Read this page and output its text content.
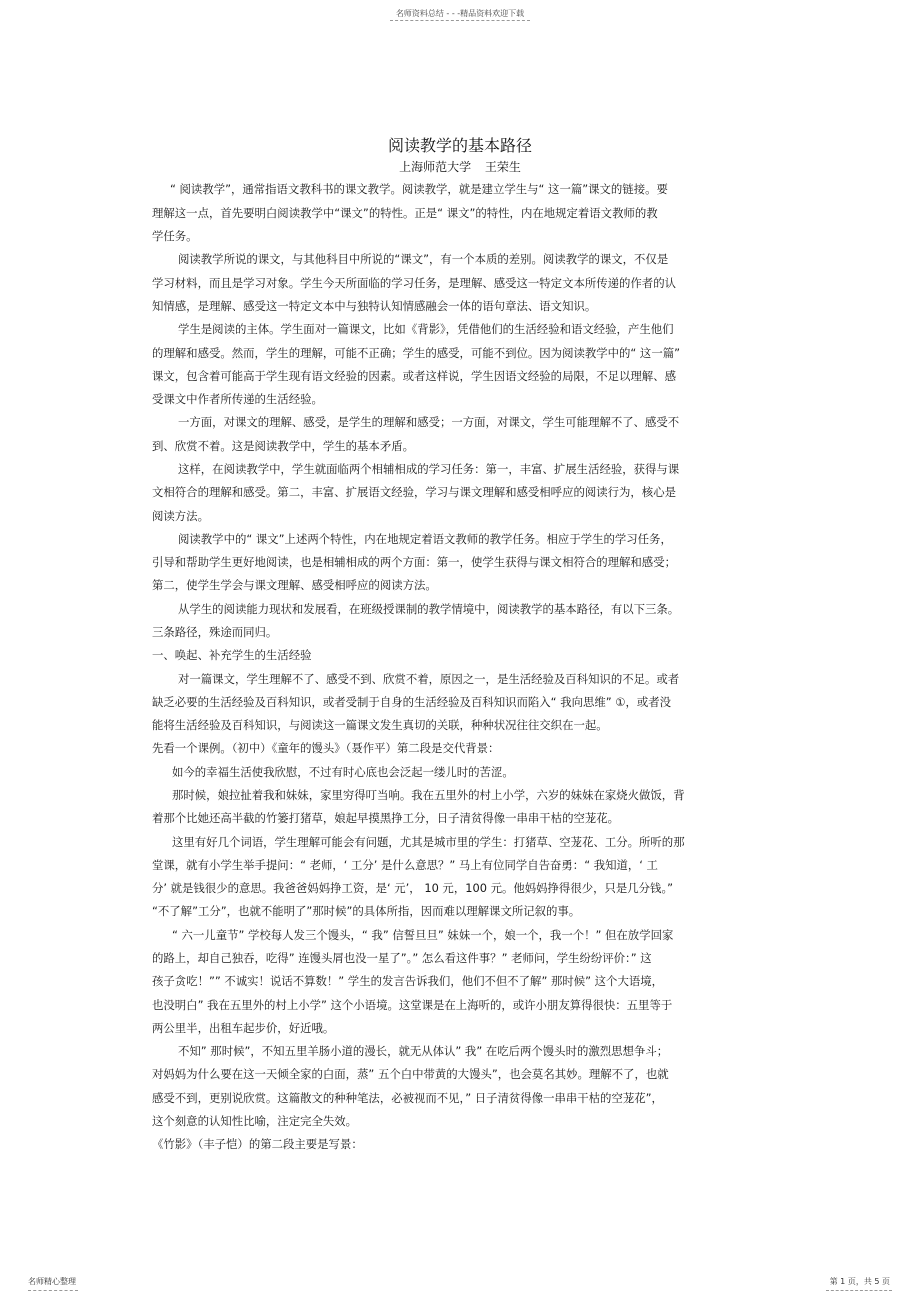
名师资料总结 - - -精品资料欢迎下载
阅读教学的基本路径
上海师范大学 王荣生
“ 阅读教学”，通常指语文教科书的课文教学。阅读教学，就是建立学生与“ 这一篇”课文的链接。要
理解这一点，首先要明白阅读教学中“课文”的特性。正是“ 课文”的特性，内在地规定着语文教师的教
学任务。
阅读教学所说的课文，与其他科目中所说的“课文”，有一个本质的差别。阅读教学的课文，不仅是
学习材料，而且是学习对象。学生今天所面临的学习任务，是理解、感受这一特定文本所传递的作者的认
知情感，是理解、感受这一特定文本中与独特认知情感融会一体的语句章法、语文知识。
学生是阅读的主体。学生面对一篇课文，比如《背影》，凭借他们的生活经验和语文经验，产生他们
的理解和感受。然而，学生的理解，可能不正确；学生的感受，可能不到位。因为阅读教学中的“ 这一篇”
课文，包含着可能高于学生现有语文经验的因素。或者这样说，学生因语文经验的局限，不足以理解、感
受课文中作者所传递的生活经验。
一方面，对课文的理解、感受，是学生的理解和感受；一方面，对课文，学生可能理解不了、感受不
到、欣赏不着。这是阅读教学中，学生的基本矛盾。
这样，在阅读教学中，学生就面临两个相辅相成的学习任务：第一，丰富、扩展生活经验，获得与课
文相符合的理解和感受。第二，丰富、扩展语文经验，学习与课文理解和感受相呼应的阅读行为，核心是
阅读方法。
阅读教学中的“ 课文”上述两个特性，内在地规定着语文教师的教学任务。相应于学生的学习任务，
引导和帮助学生更好地阅读，也是相辅相成的两个方面：第一，使学生获得与课文相符合的理解和感受；
第二，使学生学会与课文理解、感受相呼应的阅读方法。
从学生的阅读能力现状和发展看，在班级授课制的教学情境中，阅读教学的基本路径，有以下三条。
三条路径，殊途而同归。
一、唤起、补充学生的生活经验
对一篇课文，学生理解不了、感受不到、欣赏不着，原因之一，是生活经验及百科知识的不足。或者
缺乏必要的生活经验及百科知识，或者受制于自身的生活经验及百科知识而陷入“ 我向思维” ①，或者没
能将生活经验及百科知识，与阅读这一篇课文发生真切的关联，种种状况往往交织在一起。
先看一个课例。（初中）《童年的馒头》（聂作平）第二段是交代背景：
如今的幸福生活使我欣慰，不过有时心底也会泛起一缕儿时的苦涩。
那时候，娘拉扯着我和妹妹，家里穷得叮当响。我在五里外的村上小学，六岁的妹妹在家烧火做饭，背
着那个比她还高半截的竹篓打猪草，娘起早摸黑挣工分，日子清贫得像一串串干枯的空茏花。
这里有好几个词语，学生理解可能会有问题，尤其是城市里的学生：打猪草、空茏花、工分。所听的那
堂课，就有小学生举手提问：“ 老师，‘ 工分’ 是什么意思？” 马上有位同学自告奋勇：“ 我知道，‘ 工
分’ 就是钱很少的意思。我爸爸妈妈挣工资，是‘ 元’， 10 元，100 元。他妈妈挣得很少，只是几分钱。”
“不了解”工分”，也就不能明了”那时候”的具体所指，因而难以理解课文所记叙的事。
“ 六一儿童节” 学校每人发三个馒头，“ 我” 信誓旦旦” 妹妹一个，娘一个，我一个！” 但在放学回家
的路上，却自己独吞，吃得” 连馒头屑也没一星了”。” 怎么看这件事？” 老师问，学生纷纷评价：” 这
孩子贪吃！”” 不诚实！说话不算数！” 学生的发言告诉我们，他们不但不了解” 那时候” 这个大语境，
也没明白” 我在五里外的村上小学” 这个小语境。这堂课是在上海听的，或许小朋友算得很快：五里等于
两公里半，出租车起步价，好近哦。
不知” 那时候”，不知五里羊肠小道的漫长，就无从体认” 我” 在吃后两个馒头时的激烈思想争斗；
对妈妈为什么要在这一天倾全家的白面，蒸” 五个白中带黄的大馒头”，也会莫名其妙。理解不了，也就
感受不到，更别说欣赏。这篇散文的种种笔法，必被视而不见，” 日子清贫得像一串串干枯的空茏花”，
这个刻意的认知性比喻，注定完全失效。
《竹影》（丰子恺）的第二段主要是写景：
名师精心整理	第 1 页，共 5 页
